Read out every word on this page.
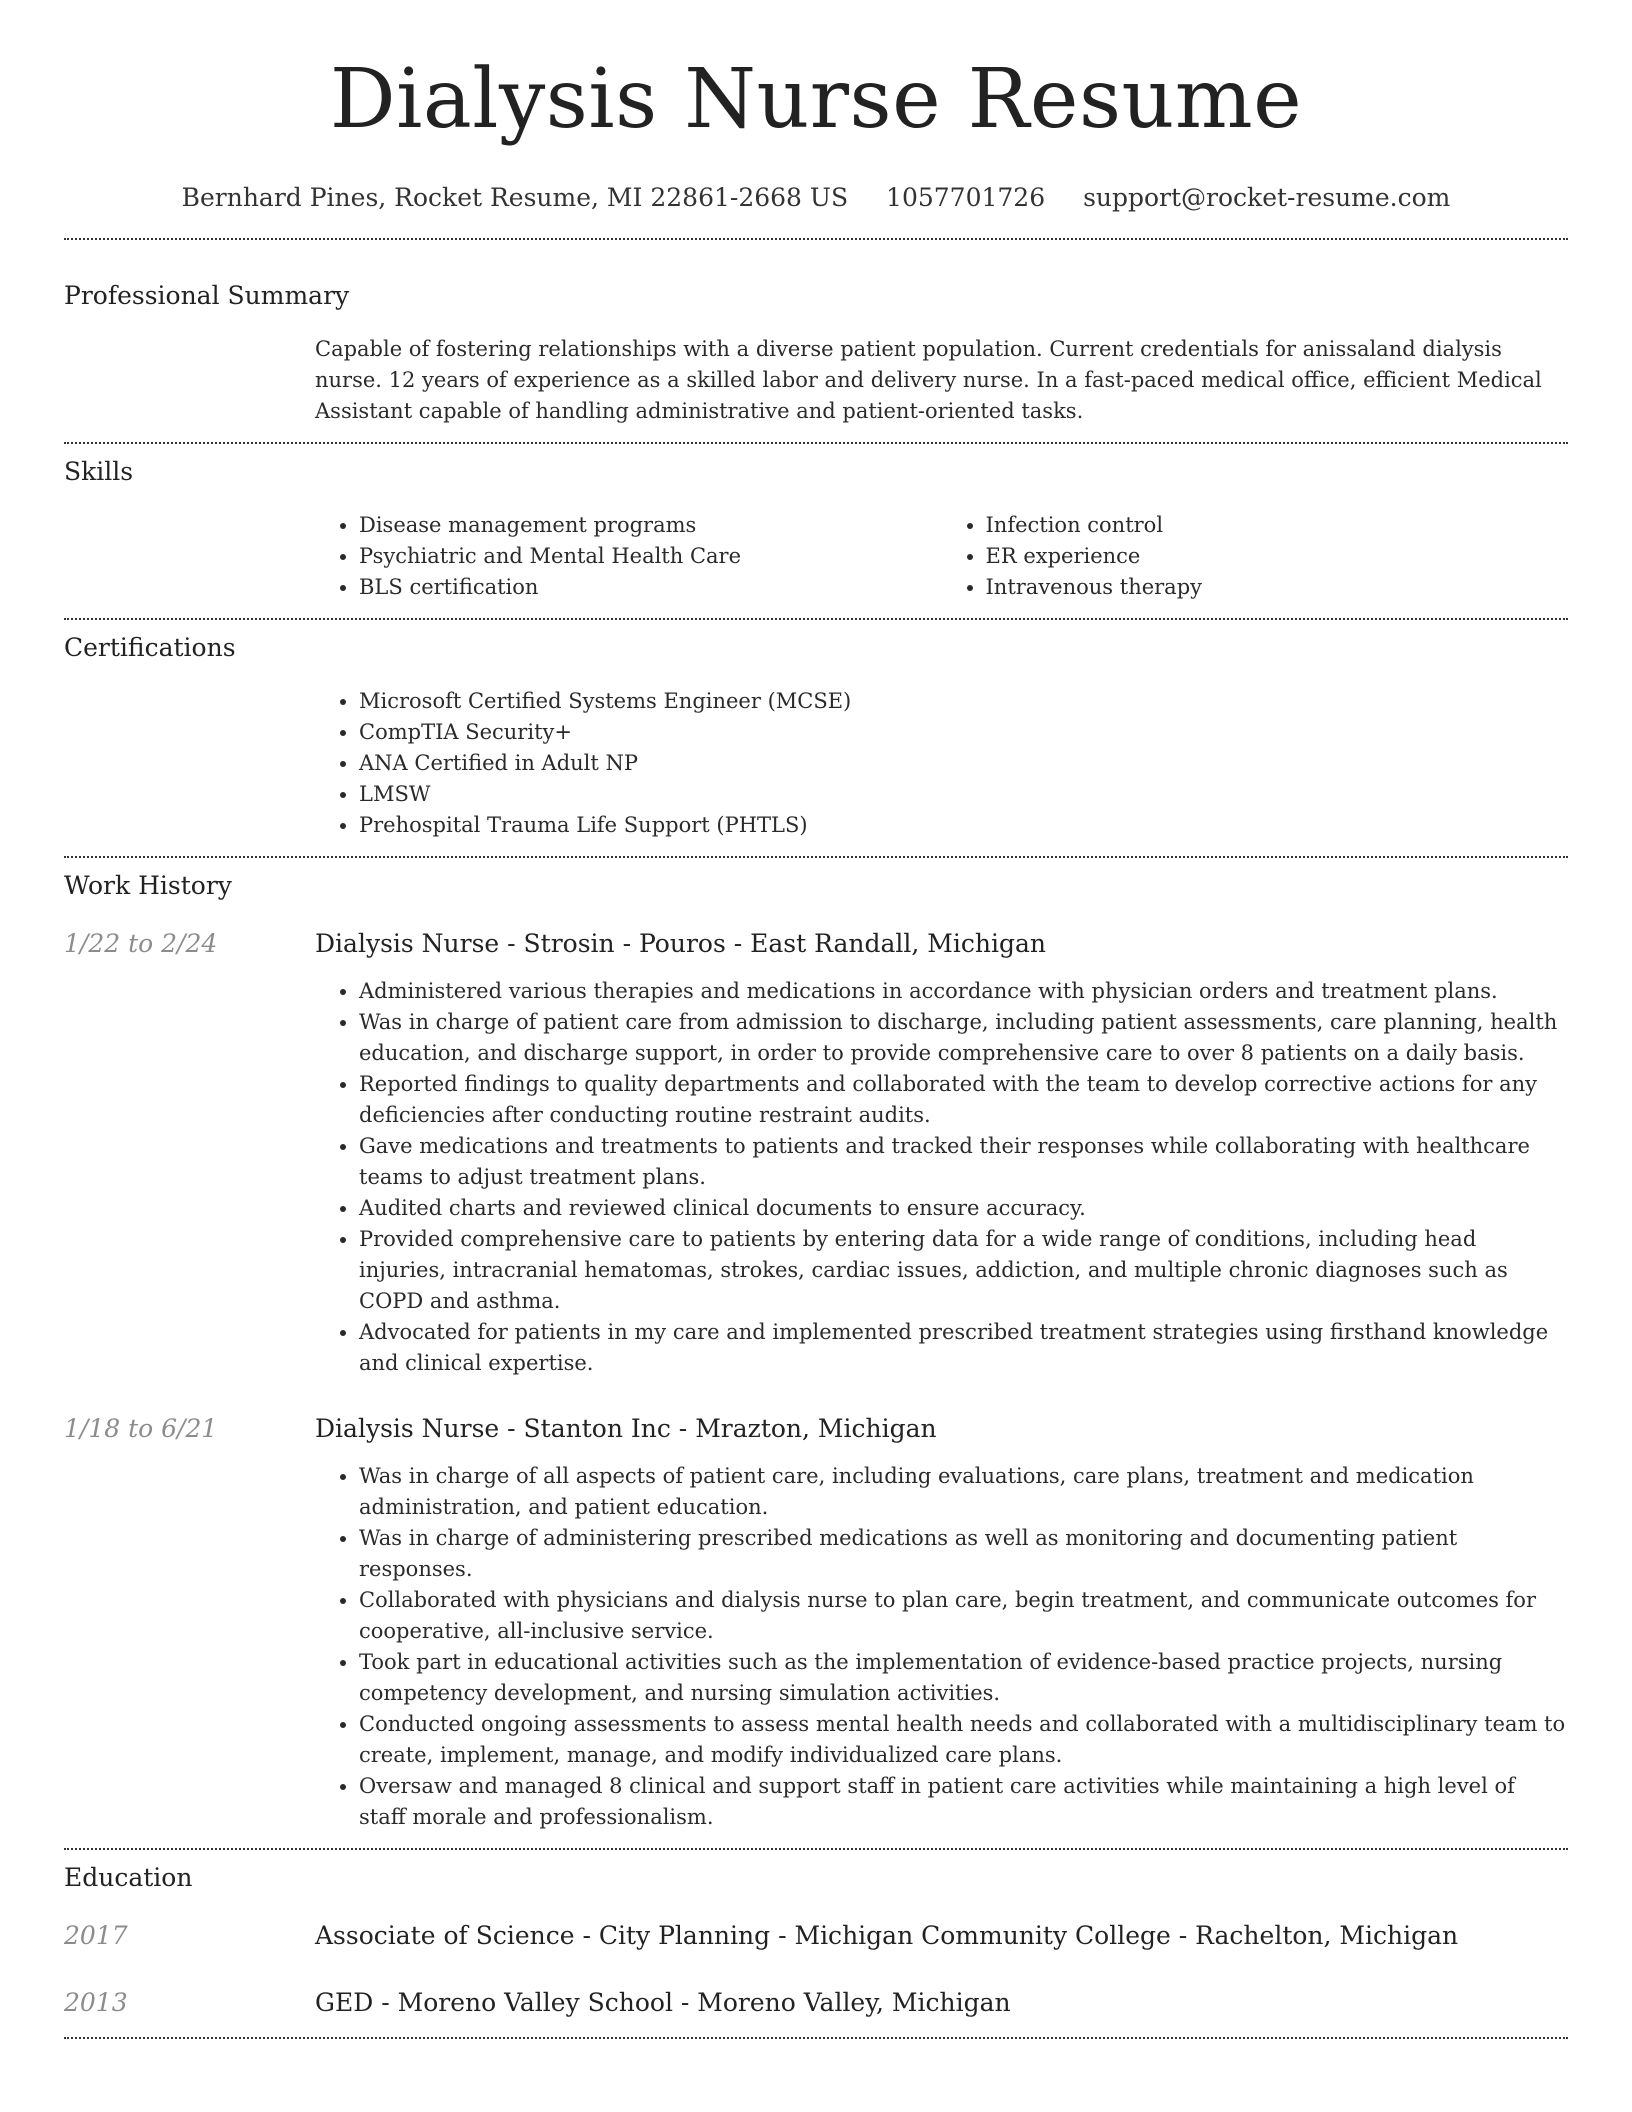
Dialysis Nurse Resume
Bernhard Pines, Rocket Resume, MI 22861-2668 US 1057701726 support@rocket-resume.com
Professional Summary

Capable of fostering relationships with a diverse patient population. Current credentials for anissaland dialysis nurse. 12 years of experience as a skilled labor and delivery nurse. In a fast-paced medical office, efficient Medical Assistant capable of handling administrative and patient-oriented tasks.

Skills
• Disease management programs
• Psychiatric and Mental Health Care
• BLS certification
• Infection control
• ER experience
• Intravenous therapy
Certifications
• Microsoft Certified Systems Engineer (MCSE)
• CompTIA Security+
• ANA Certified in Adult NP
• LMSW
• Prehospital Trauma Life Support (PHTLS)
Work History
1/22 to 2/24	Dialysis Nurse - Strosin - Pouros - East Randall, Michigan
• Administered various therapies and medications in accordance with physician orders and treatment plans.
• Was in charge of patient care from admission to discharge, including patient assessments, care planning, health education, and discharge support, in order to provide comprehensive care to over 8 patients on a daily basis.
• Reported findings to quality departments and collaborated with the team to develop corrective actions for any deficiencies after conducting routine restraint audits.
• Gave medications and treatments to patients and tracked their responses while collaborating with healthcare teams to adjust treatment plans.
• Audited charts and reviewed clinical documents to ensure accuracy.
• Provided comprehensive care to patients by entering data for a wide range of conditions, including head injuries, intracranial hematomas, strokes, cardiac issues, addiction, and multiple chronic diagnoses such as COPD and asthma.
• Advocated for patients in my care and implemented prescribed treatment strategies using firsthand knowledge and clinical expertise.
1/18 to 6/21	Dialysis Nurse - Stanton Inc - Mrazton, Michigan
• Was in charge of all aspects of patient care, including evaluations, care plans, treatment and medication administration, and patient education.
• Was in charge of administering prescribed medications as well as monitoring and documenting patient responses.
• Collaborated with physicians and dialysis nurse to plan care, begin treatment, and communicate outcomes for cooperative, all-inclusive service.
• Took part in educational activities such as the implementation of evidence-based practice projects, nursing competency development, and nursing simulation activities.
• Conducted ongoing assessments to assess mental health needs and collaborated with a multidisciplinary team to create, implement, manage, and modify individualized care plans.
• Oversaw and managed 8 clinical and support staff in patient care activities while maintaining a high level of staff morale and professionalism.
Education
2017	Associate of Science - City Planning - Michigan Community College - Rachelton, Michigan
2013	GED - Moreno Valley School - Moreno Valley, Michigan
